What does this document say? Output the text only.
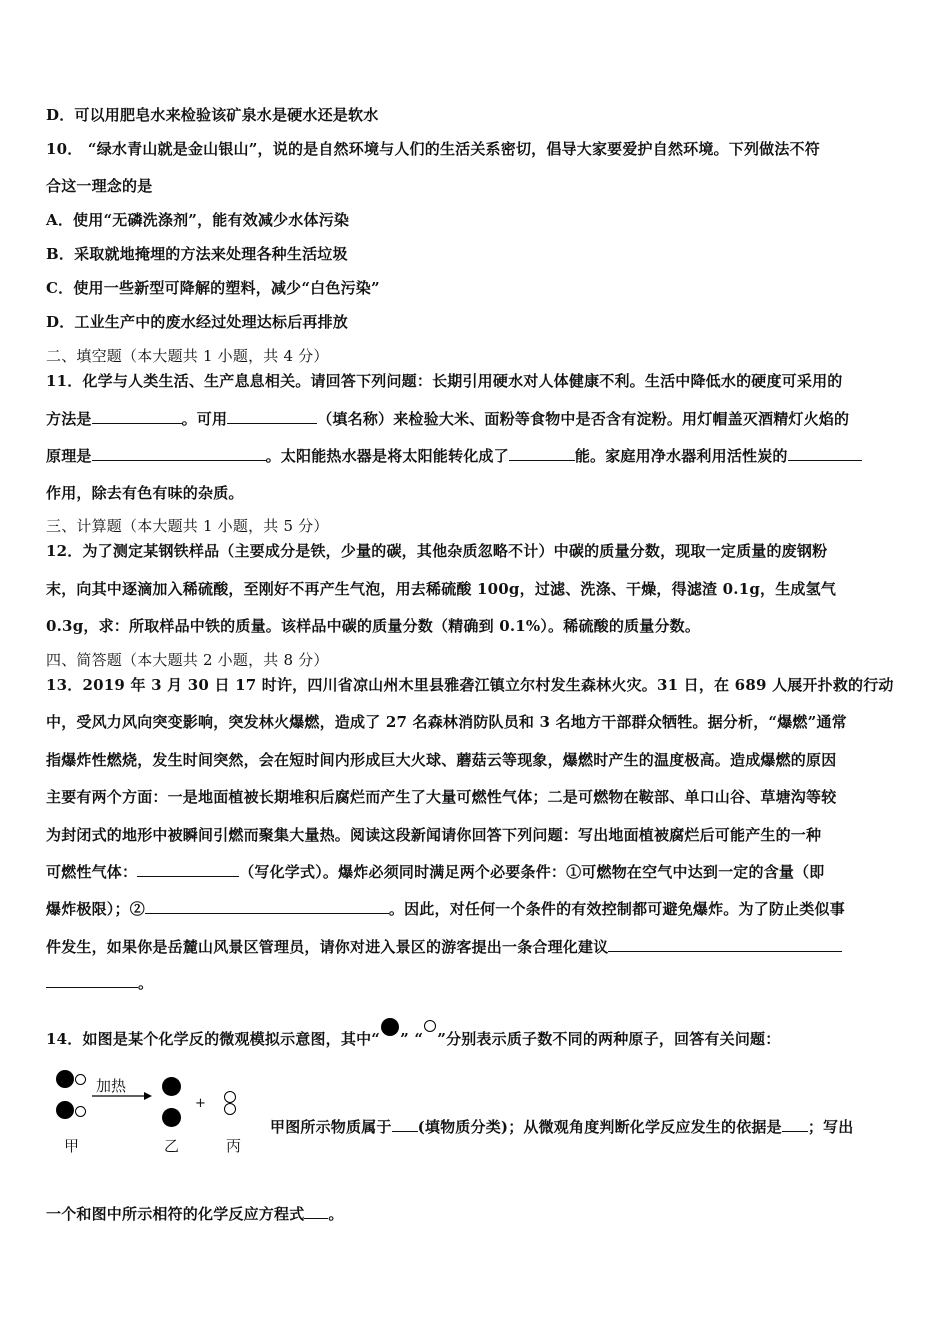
D．可以用肥皂水来检验该矿泉水是硬水还是软水
10． “绿水青山就是金山银山”，说的是自然环境与人们的生活关系密切，倡导大家要爱护自然环境。下列做法不符
合这一理念的是
A．使用“无磷洗涤剂”，能有效减少水体污染
B．采取就地掩埋的方法来处理各种生活垃圾
C．使用一些新型可降解的塑料，减少“白色污染”
D．工业生产中的废水经过处理达标后再排放
二、填空题（本大题共 1 小题，共 4 分）
11．化学与人类生活、生产息息相关。请回答下列问题：长期引用硬水对人体健康不利。生活中降低水的硬度可采用的
方法是	。可用	（填名称）来检验大米、面粉等食物中是否含有淀粉。用灯帽盖灭酒精灯火焰的
原理是	。太阳能热水器是将太阳能转化成了	能。家庭用净水器利用活性炭的
作用，除去有色有味的杂质。
三、计算题（本大题共 1 小题，共 5 分）
12．为了测定某钢铁样品（主要成分是铁，少量的碳，其他杂质忽略不计）中碳的质量分数，现取一定质量的废钢粉
末，向其中逐滴加入稀硫酸，至刚好不再产生气泡，用去稀硫酸 100g，过滤、洗涤、干燥，得滤渣 0.1g，生成氢气
0.3g，求：所取样品中铁的质量。该样品中碳的质量分数（精确到 0.1%）。稀硫酸的质量分数。
四、简答题（本大题共 2 小题，共 8 分）
13．2019 年 3 月 30 日 17 时许，四川省凉山州木里县雅砻江镇立尔村发生森林火灾。31 日，在 689 人展开扑救的行动
中，受风力风向突变影响，突发林火爆燃，造成了 27 名森林消防队员和 3 名地方干部群众牺牲。据分析，“爆燃”通常
指爆炸性燃烧，发生时间突然，会在短时间内形成巨大火球、蘑菇云等现象，爆燃时产生的温度极高。造成爆燃的原因
主要有两个方面：一是地面植被长期堆积后腐烂而产生了大量可燃性气体；二是可燃物在鞍部、单口山谷、草塘沟等较
为封闭式的地形中被瞬间引燃而聚集大量热。阅读这段新闻请你回答下列问题：写出地面植被腐烂后可能产生的一种
可燃性气体：	（写化学式）。爆炸必须同时满足两个必要条件：①可燃物在空气中达到一定的含量（即
爆炸极限）；②	。因此，对任何一个条件的有效控制都可避免爆炸。为了防止类似事
件发生，如果你是岳麓山风景区管理员，请你对进入景区的游客提出一条合理化建议
。
14．如图是某个化学反的微观模拟示意图，其中“ ” “ ”分别表示质子数不同的两种原子，回答有关问题：
加热
+
甲	乙	丙
甲图所示物质属于 (填物质分类)；从微观角度判断化学反应发生的依据是 ；写出
一个和图中所示相符的化学反应方程式 。
